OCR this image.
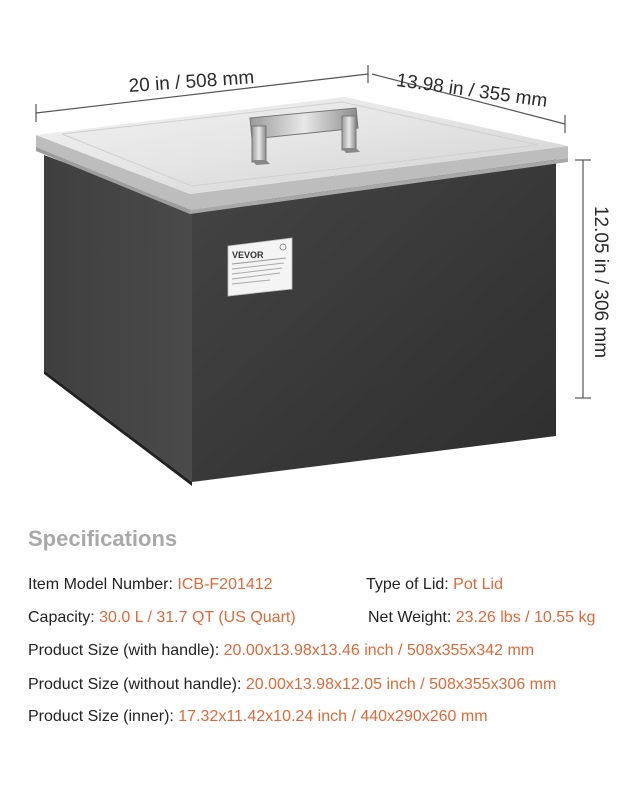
VEVOR
20 in / 508 mm	13.98 in / 355 mm
12.05 in / 306 mm
Specifications
Item Model Number: ICB-F201412	Type of Lid: Pot Lid
Capacity: 30.0 L / 31.7 QT (US Quart)	Net Weight: 23.26 lbs / 10.55 kg
Product Size (with handle): 20.00x13.98x13.46 inch / 508x355x342 mm
Product Size (without handle): 20.00x13.98x12.05 inch / 508x355x306 mm
Product Size (inner): 17.32x11.42x10.24 inch / 440x290x260 mm
